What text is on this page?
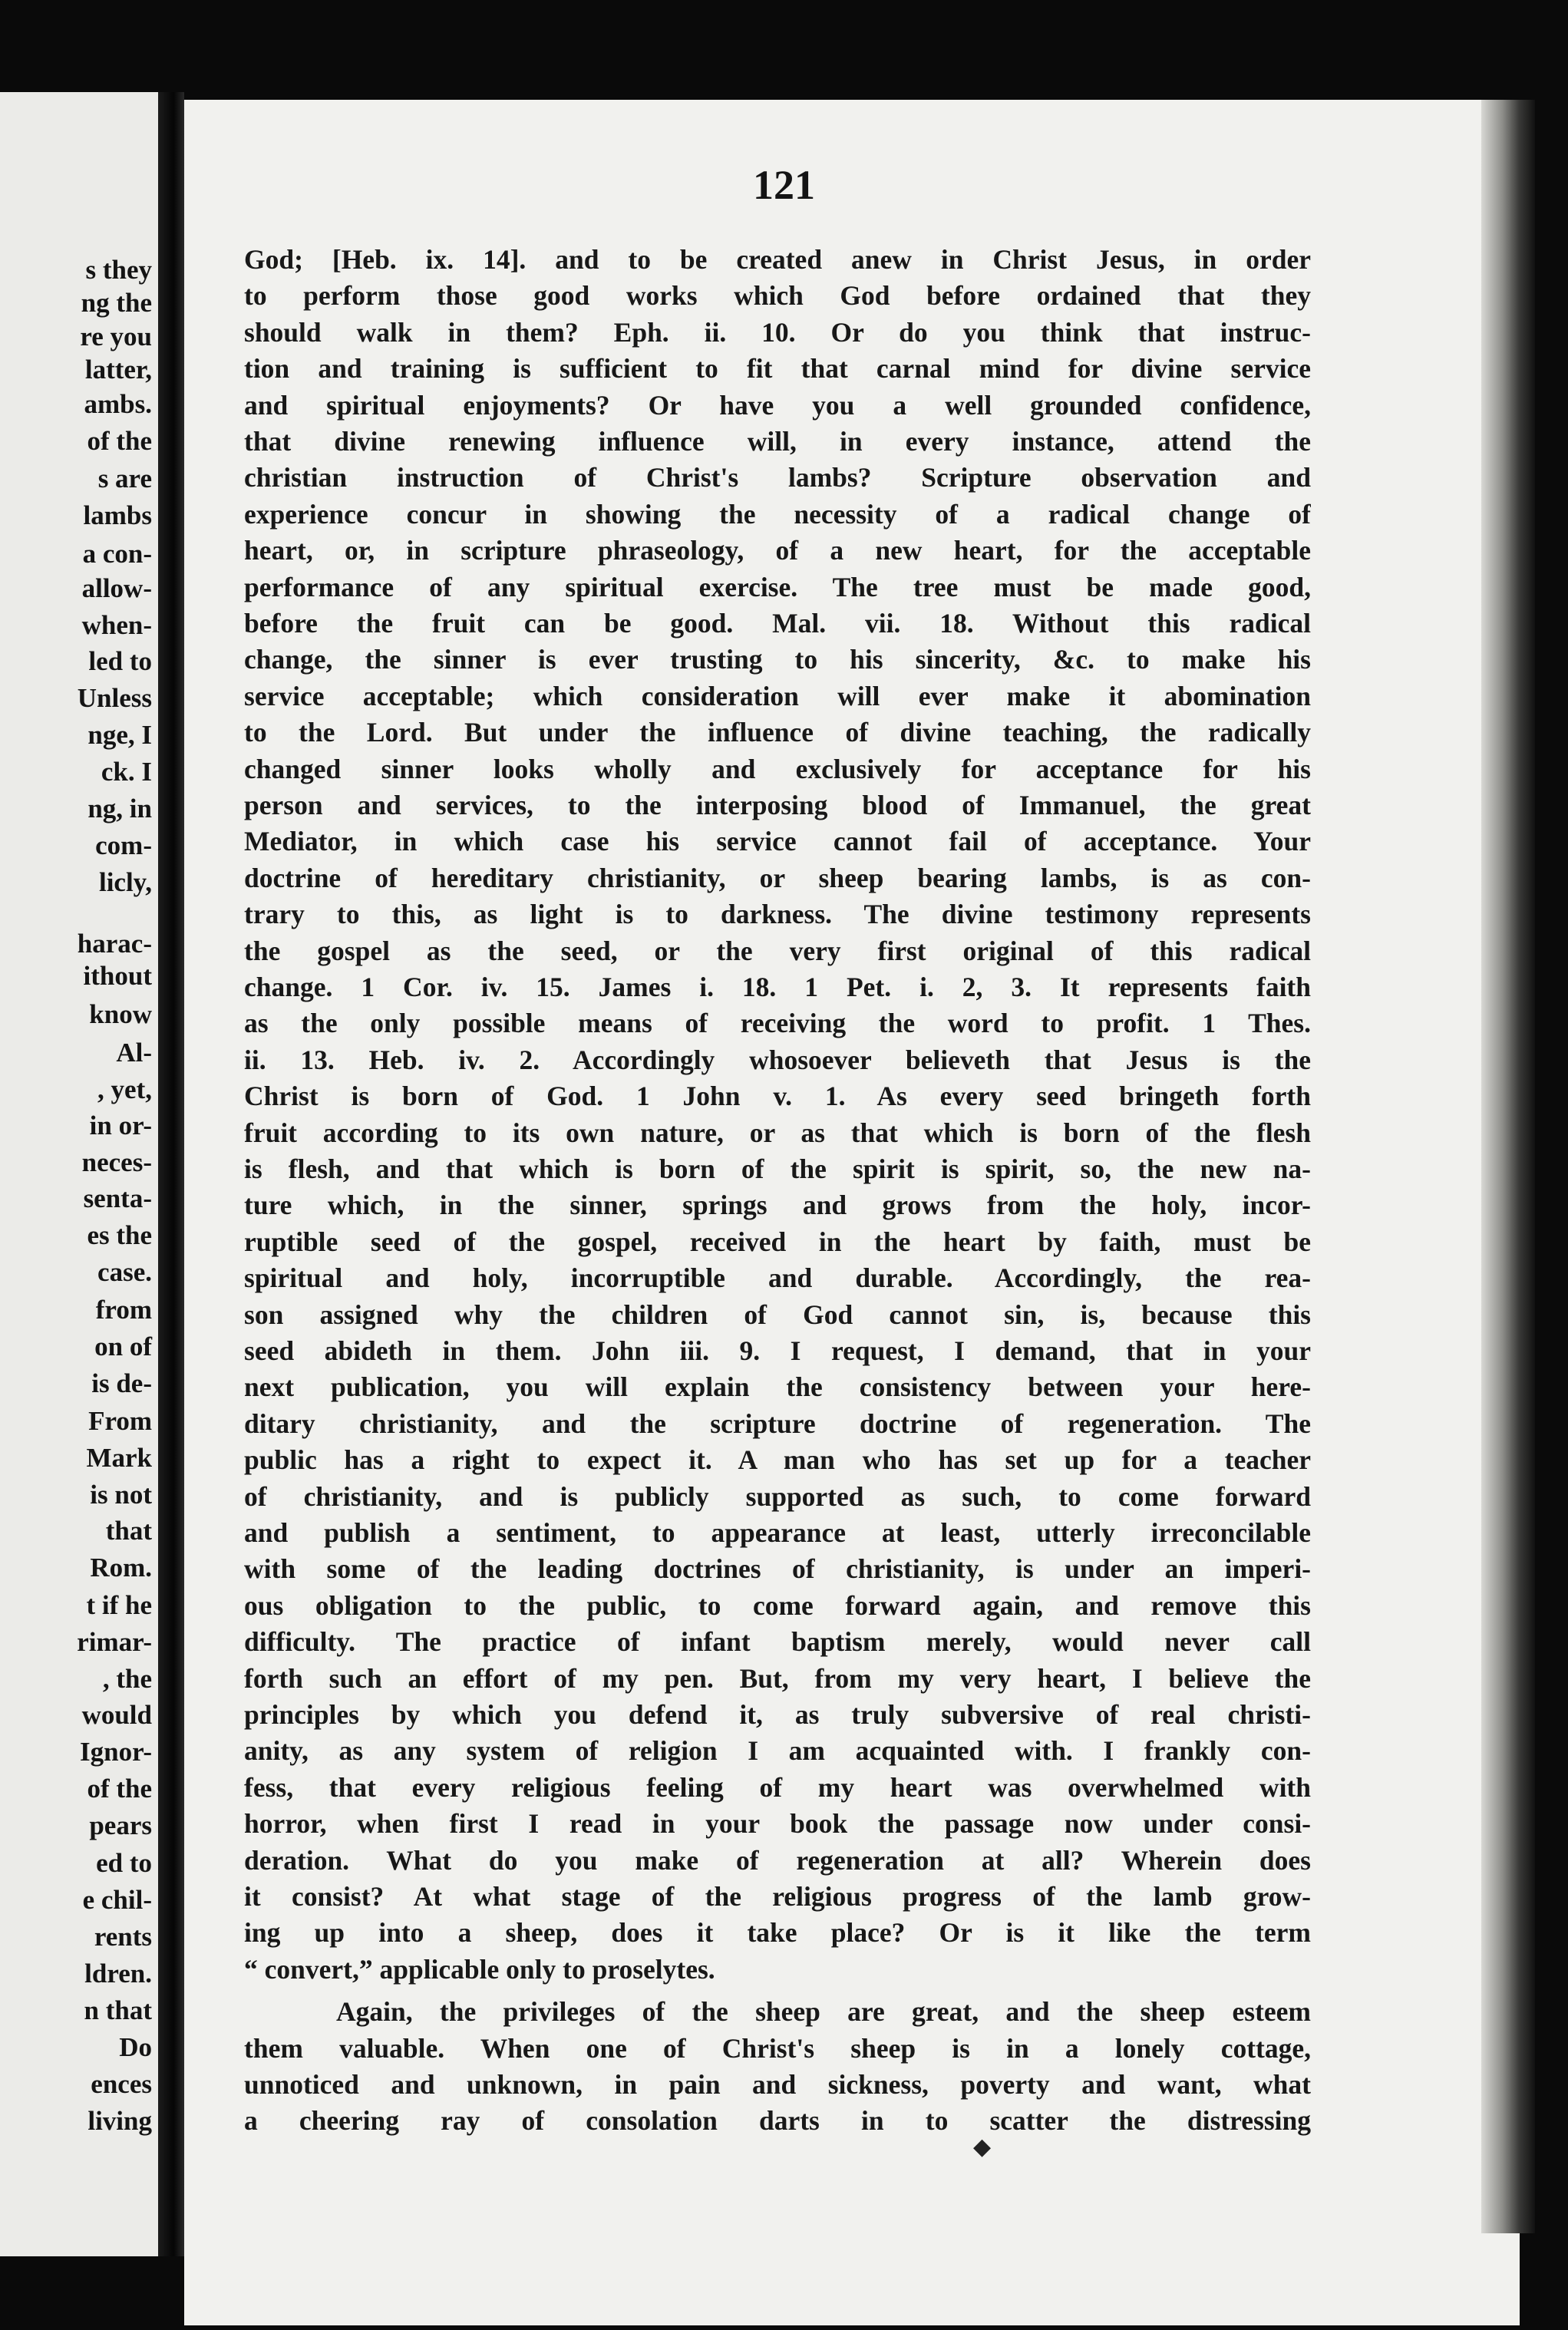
121
God; [Heb. ix. 14]. and to be created anew in Christ Jesus, in order
to perform those good works which God before ordained that they
should walk in them? Eph. ii. 10. Or do you think that instruc-
tion and training is sufficient to fit that carnal mind for divine service
and spiritual enjoyments? Or have you a well grounded confidence,
that divine renewing influence will, in every instance, attend the
christian instruction of Christ's lambs? Scripture observation and
experience concur in showing the necessity of a radical change of
heart, or, in scripture phraseology, of a new heart, for the acceptable
performance of any spiritual exercise. The tree must be made good,
before the fruit can be good. Mal. vii. 18. Without this radical
change, the sinner is ever trusting to his sincerity, &c. to make his
service acceptable; which consideration will ever make it abomination
to the Lord. But under the influence of divine teaching, the radically
changed sinner looks wholly and exclusively for acceptance for his
person and services, to the interposing blood of Immanuel, the great
Mediator, in which case his service cannot fail of acceptance. Your
doctrine of hereditary christianity, or sheep bearing lambs, is as con-
trary to this, as light is to darkness. The divine testimony represents
the gospel as the seed, or the very first original of this radical
change. 1 Cor. iv. 15. James i. 18. 1 Pet. i. 2, 3. It represents faith
as the only possible means of receiving the word to profit. 1 Thes.
ii. 13. Heb. iv. 2. Accordingly whosoever believeth that Jesus is the
Christ is born of God. 1 John v. 1. As every seed bringeth forth
fruit according to its own nature, or as that which is born of the flesh
is flesh, and that which is born of the spirit is spirit, so, the new na-
ture which, in the sinner, springs and grows from the holy, incor-
ruptible seed of the gospel, received in the heart by faith, must be
spiritual and holy, incorruptible and durable. Accordingly, the rea-
son assigned why the children of God cannot sin, is, because this
seed abideth in them. John iii. 9. I request, I demand, that in your
next publication, you will explain the consistency between your here-
ditary christianity, and the scripture doctrine of regeneration. The
public has a right to expect it. A man who has set up for a teacher
of christianity, and is publicly supported as such, to come forward
and publish a sentiment, to appearance at least, utterly irreconcilable
with some of the leading doctrines of christianity, is under an imperi-
ous obligation to the public, to come forward again, and remove this
difficulty. The practice of infant baptism merely, would never call
forth such an effort of my pen. But, from my very heart, I believe the
principles by which you defend it, as truly subversive of real christi-
anity, as any system of religion I am acquainted with. I frankly con-
fess, that every religious feeling of my heart was overwhelmed with
horror, when first I read in your book the passage now under consi-
deration. What do you make of regeneration at all? Wherein does
it consist? At what stage of the religious progress of the lamb grow-
ing up into a sheep, does it take place? Or is it like the term
“ convert,” applicable only to proselytes.
Again, the privileges of the sheep are great, and the sheep esteem
them valuable. When one of Christ's sheep is in a lonely cottage,
unnoticed and unknown, in pain and sickness, poverty and want, what
a cheering ray of consolation darts in to scatter the distressing
s they
ng the
re you
latter,
ambs.
of the
s are
lambs
a con-
allow-
when-
led to
Unless
nge, I
ck. I
ng, in
com-
licly,
harac-
ithout
know
Al-
, yet,
in or-
neces-
senta-
es the
case.
from
on of
is de-
From
Mark
is not
that
Rom.
t if he
rimar-
, the
would
Ignor-
of the
pears
ed to
e chil-
rents
ldren.
n that
Do
ences
living
◆
